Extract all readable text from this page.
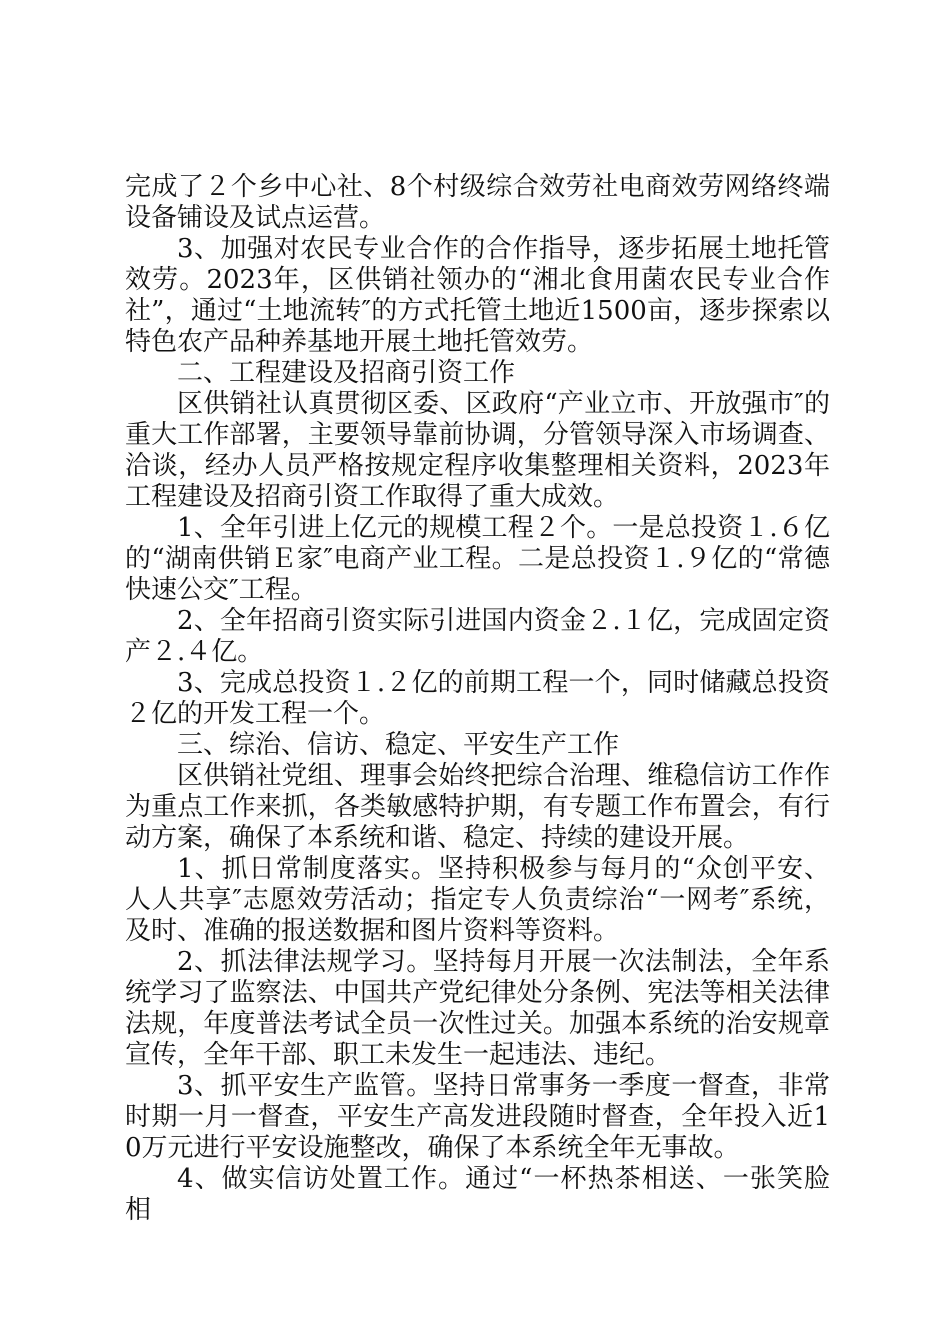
完成了２个乡中心社、8个村级综合效劳社电商效劳网络终端设备铺设及试点运营。

3、加强对农民专业合作的合作指导，逐步拓展土地托管效劳。2023年，区供销社领办的“湘北食用菌农民专业合作社”，通过“土地流转″的方式托管土地近1500亩，逐步探索以特色农产品种养基地开展土地托管效劳。

二、工程建设及招商引资工作

区供销社认真贯彻区委、区政府“产业立市、开放强市″的重大工作部署，主要领导靠前协调，分管领导深入市场调查、洽谈，经办人员严格按规定程序收集整理相关资料，2023年工程建设及招商引资工作取得了重大成效。

1、全年引进上亿元的规模工程２个。一是总投资１.６亿的“湖南供销Ｅ家″电商产业工程。二是总投资１.９亿的“常德快速公交″工程。

2、全年招商引资实际引进国内资金２.１亿，完成固定资产２.４亿。

3、完成总投资１.２亿的前期工程一个，同时储藏总投资２亿的开发工程一个。

三、综治、信访、稳定、平安生产工作

区供销社党组、理事会始终把综合治理、维稳信访工作作为重点工作来抓，各类敏感特护期，有专题工作布置会，有行动方案，确保了本系统和谐、稳定、持续的建设开展。

1、抓日常制度落实。坚持积极参与每月的“众创平安、人人共享″志愿效劳活动；指定专人负责综治“一网考″系统，及时、准确的报送数据和图片资料等资料。

2、抓法律法规学习。坚持每月开展一次法制法，全年系统学习了监察法、中国共产党纪律处分条例、宪法等相关法律法规，年度普法考试全员一次性过关。加强本系统的治安规章宣传，全年干部、职工未发生一起违法、违纪。

3、抓平安生产监管。坚持日常事务一季度一督查，非常时期一月一督查，平安生产高发进段随时督查，全年投入近10万元进行平安设施整改，确保了本系统全年无事故。

4、做实信访处置工作。通过“一杯热茶相送、一张笑脸相
